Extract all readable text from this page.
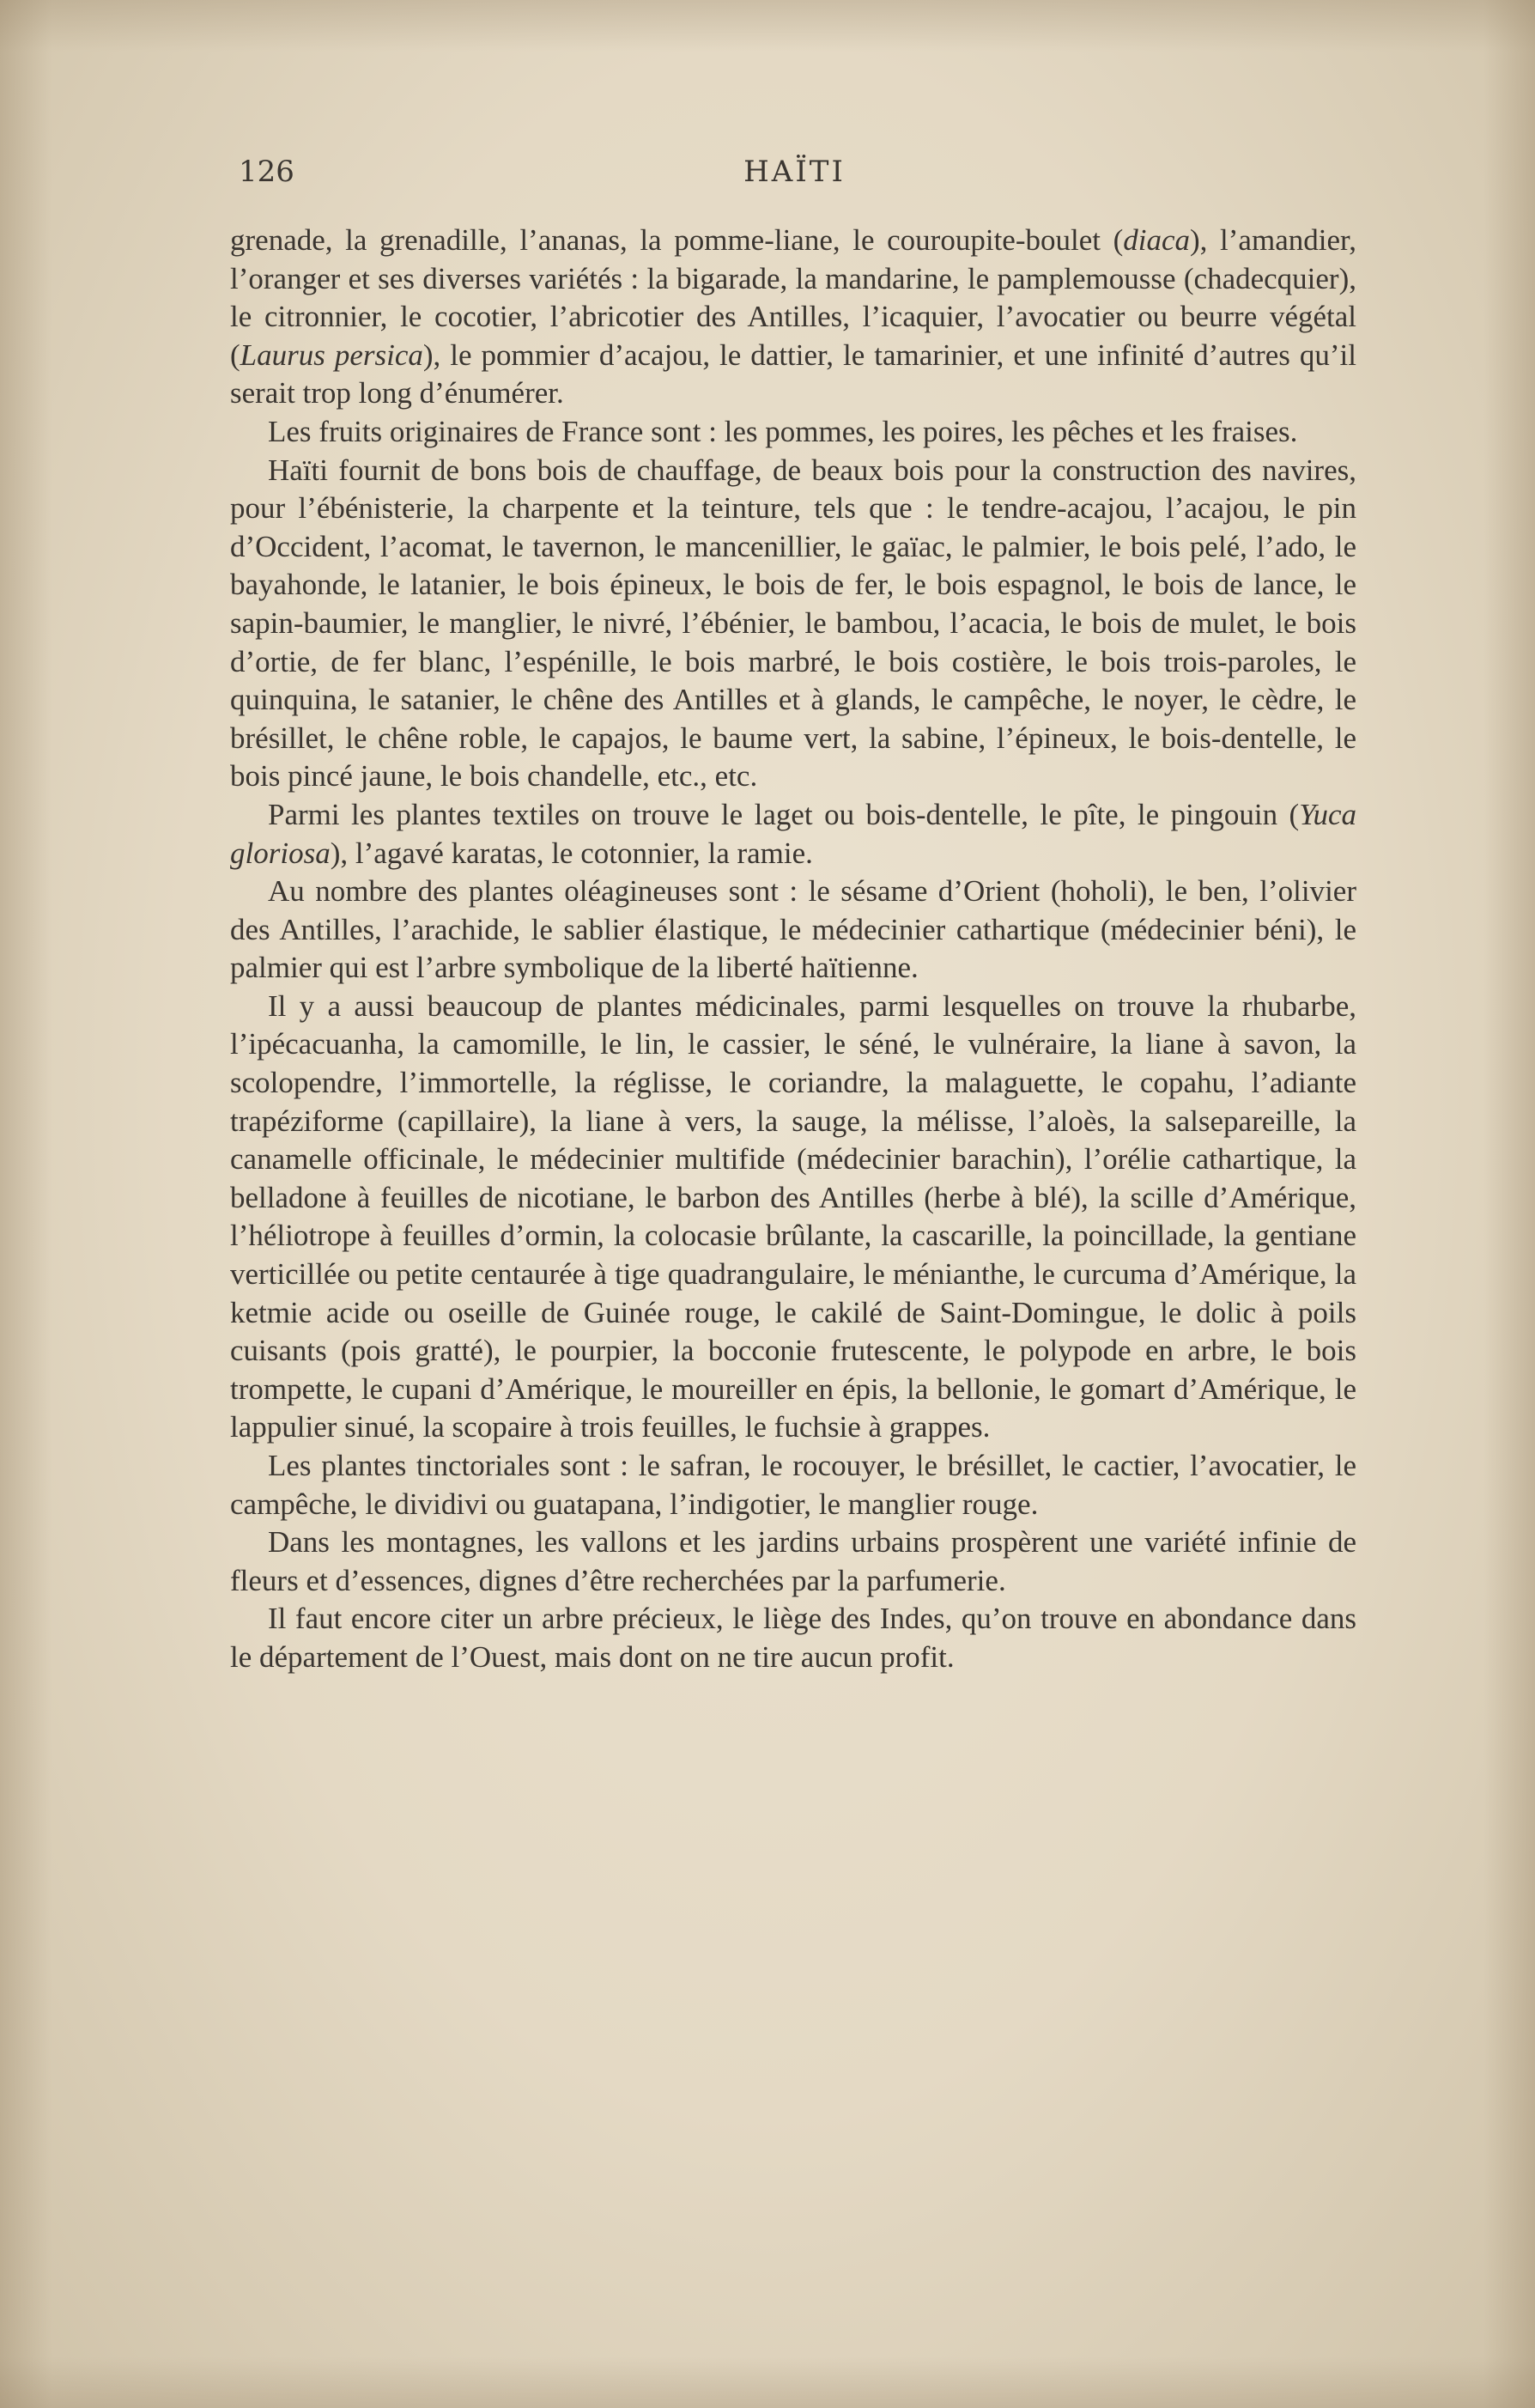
126	HAÏTI

grenade, la grenadille, l’ananas, la pomme-liane, le couroupite-boulet (diaca), l’amandier, l’oranger et ses diverses variétés : la bigarade, la mandarine, le pamplemousse (chadecquier), le citronnier, le cocotier, l’abricotier des Antilles, l’icaquier, l’avocatier ou beurre végétal (Laurus persica), le pommier d’acajou, le dattier, le tamarinier, et une infinité d’autres qu’il serait trop long d’énumérer.

Les fruits originaires de France sont : les pommes, les poires, les pêches et les fraises.

Haïti fournit de bons bois de chauffage, de beaux bois pour la construction des navires, pour l’ébénisterie, la charpente et la teinture, tels que : le tendre-acajou, l’acajou, le pin d’Occident, l’acomat, le tavernon, le mancenillier, le gaïac, le palmier, le bois pelé, l’ado, le bayahonde, le latanier, le bois épineux, le bois de fer, le bois espagnol, le bois de lance, le sapin-baumier, le manglier, le nivré, l’ébénier, le bambou, l’acacia, le bois de mulet, le bois d’ortie, de fer blanc, l’espénille, le bois marbré, le bois costière, le bois trois-paroles, le quinquina, le satanier, le chêne des Antilles et à glands, le campêche, le noyer, le cèdre, le brésillet, le chêne roble, le capajos, le baume vert, la sabine, l’épineux, le bois-dentelle, le bois pincé jaune, le bois chandelle, etc., etc.

Parmi les plantes textiles on trouve le laget ou bois-dentelle, le pîte, le pingouin (Yuca gloriosa), l’agavé karatas, le cotonnier, la ramie.

Au nombre des plantes oléagineuses sont : le sésame d’Orient (hoholi), le ben, l’olivier des Antilles, l’arachide, le sablier élastique, le médecinier cathartique (médecinier béni), le palmier qui est l’arbre symbolique de la liberté haïtienne.

Il y a aussi beaucoup de plantes médicinales, parmi lesquelles on trouve la rhubarbe, l’ipécacuanha, la camomille, le lin, le cassier, le séné, le vulnéraire, la liane à savon, la scolopendre, l’immortelle, la réglisse, le coriandre, la malaguette, le copahu, l’adiante trapéziforme (capillaire), la liane à vers, la sauge, la mélisse, l’aloès, la salsepareille, la canamelle officinale, le médecinier multifide (médecinier barachin), l’orélie cathartique, la belladone à feuilles de nicotiane, le barbon des Antilles (herbe à blé), la scille d’Amérique, l’héliotrope à feuilles d’ormin, la colocasie brûlante, la cascarille, la poincillade, la gentiane verticillée ou petite centaurée à tige quadrangulaire, le ménianthe, le curcuma d’Amérique, la ketmie acide ou oseille de Guinée rouge, le cakilé de Saint-Domingue, le dolic à poils cuisants (pois gratté), le pourpier, la bocconie frutescente, le polypode en arbre, le bois trompette, le cupani d’Amérique, le moureiller en épis, la bellonie, le gomart d’Amérique, le lappulier sinué, la scopaire à trois feuilles, le fuchsie à grappes.

Les plantes tinctoriales sont : le safran, le rocouyer, le brésillet, le cactier, l’avocatier, le campêche, le dividivi ou guatapana, l’indigotier, le manglier rouge.

Dans les montagnes, les vallons et les jardins urbains prospèrent une variété infinie de fleurs et d’essences, dignes d’être recherchées par la parfumerie.

Il faut encore citer un arbre précieux, le liège des Indes, qu’on trouve en abondance dans le département de l’Ouest, mais dont on ne tire aucun profit.
